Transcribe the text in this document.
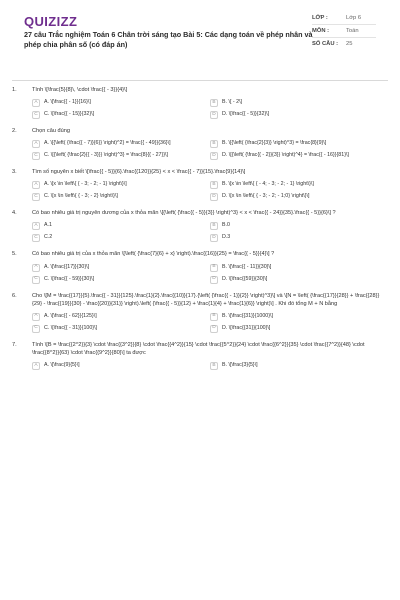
QUIZIZZ
27 câu Trắc nghiệm Toán 6 Chân trời sáng tạo Bài 5: Các dạng toán về phép nhân và phép chia phân số (có đáp án)
LỚP :	Lớp 6
MÔN :	Toán
SỐ CÂU :	25
1.	Tính \[\frac{5}{8}\, \cdot \frac{{ - 3}}{4}\]
A	A. \[\frac{{ - 1}}{16}\]	B	B. \[ - 2\]
C	C. \[\frac{{ - 15}}{32}\]	D	D. \[\frac{{ - 5}}{32}\]
2.	Chọn câu đúng
A	A. \[{\left( {\frac{{ - 7}}{6}} \right)^2} = \frac{{ - 49}}{36}\]	B	B. \[{\left( {\frac{2}{3}} \right)^3} = \frac{8}{9}\]
C	C. \[{\left( {\frac{2}{{ - 3}}} \right)^3} = \frac{8}{{ - 27}}\]	D	D. \[{\left( {\frac{{ - 2}}{3}} \right)^4} = \frac{{ - 16}}{81}\]
3.	Tìm số nguyên x biết \[\frac{{ - 5}}{6}.\frac{{120}}{25} < x < \frac{{ - 7}}{15}.\frac{9}{14}\]
A	A. \[x \in \left\{ { - 3; - 2; - 1} \right\}\]	B	B. \[x \in \left\{ { - 4; - 3; - 2; - 1} \right\}\]
C	C. \[x \in \left\{ { - 3; - 2} \right\}\]	D	D. \[x \in \left\{ { - 3; - 2; - 1;0} \right\}\]
4.	Có bao nhiêu giá trị nguyên dương của x thỏa mãn \[{\left( {\frac{{ - 5}}{3}} \right)^3} < x < \frac{{ - 24}}{35}.\frac{{ - 5}}{6}\] ?
A	A.1	B	B.0
C	C.2	D	D.3
5.	Có bao nhiêu giá trị của x thỏa mãn \[\left( {\frac{7}{6} + x} \right).\frac{{16}}{25} = \frac{{ - 5}}{4}\] ?
A	A. \[\frac{{17}}{30}\]	B	B. \[\frac{{ - 11}}{30}\]
C	C. \[\frac{{ - 59}}{30}\]	D	D. \[\frac{{59}}{30}\]
6.	Cho \[M = \frac{{17}}{5}.\frac{{ - 31}}{125}.\frac{1}{2}.\frac{{10}}{17}.{\left( {\frac{{ - 1}}{2}} \right)^3}\] và \[N = \left( {\frac{{17}}{28}} + \frac{{28}}{29} - \frac{{19}}{30} - \frac{{20}}{31}} \right).\left( {\frac{{ - 5}}{12} + \frac{1}{4} + \frac{1}{6}} \right)\] . Khi đó tổng M + N bằng
A	A. \[\frac{{ - 62}}{125}\]	B	B. \[\frac{{31}}{1000}\]
C	C. \[\frac{{ - 31}}{100}\]	D	D. \[\frac{{31}}{100}\]
7.	Tính \[B = \frac{{2^2}}{3} \cdot \frac{{3^2}}{8} \cdot \frac{{4^2}}{15} \cdot \frac{{5^2}}{24} \cdot \frac{{6^2}}{35} \cdot \frac{{7^2}}{48} \cdot \frac{{8^2}}{63} \cdot \frac{{9^2}}{80}\] ta được
A	A. \[\frac{9}{5}\]	B	B. \[\frac{3}{5}\]
